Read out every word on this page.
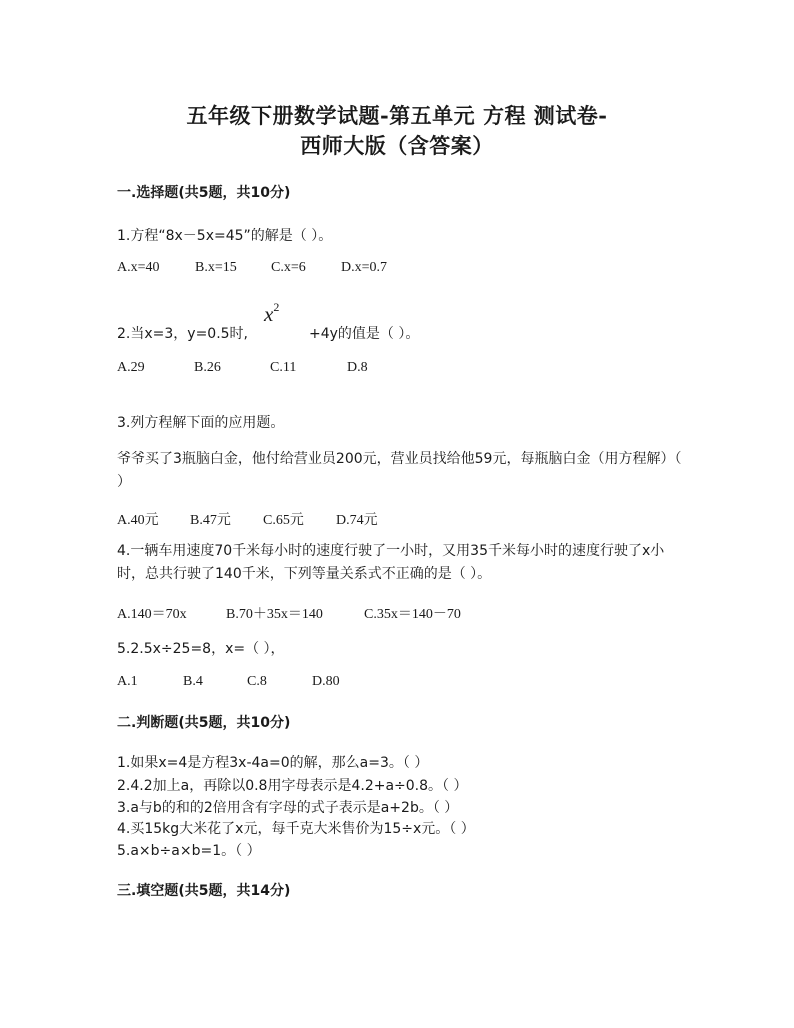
五年级下册数学试题-第五单元 方程 测试卷-
西师大版（含答案）
一.选择题(共5题，共10分)
1.方程“8x－5x=45”的解是（ ）。
A.x=40	B.x=15 C.x=6	D.x=0.7
2.当x=3，y=0.5时,
$x^2$
+4y的值是（ ）。
A.29	B.26	C.11	D.8
3.列方程解下面的应用题。
爷爷买了3瓶脑白金，他付给营业员200元，营业员找给他59元，每瓶脑白金（用方程解）（ ）
A.40元 B.47元 C.65元 D.74元
4.一辆车用速度70千米每小时的速度行驶了一小时，又用35千米每小时的速度行驶了x小时，总共行驶了140千米，下列等量关系式不正确的是（ ）。
A.140＝70x	B.70＋35x＝140	C.35x＝140－70
5.2.5x÷25=8，x=（ ），
A.1	B.4	C.8	D.80
二.判断题(共5题，共10分)
1.如果x=4是方程3x-4a=0的解，那么a=3。（ ）
2.4.2加上a，再除以0.8用字母表示是4.2+a÷0.8。（ ）
3.a与b的和的2倍用含有字母的式子表示是a+2b。（ ）
4.买15kg大米花了x元，每千克大米售价为15÷x元。（ ）
5.a×b÷a×b=1。（ ）
三.填空题(共5题，共14分)
